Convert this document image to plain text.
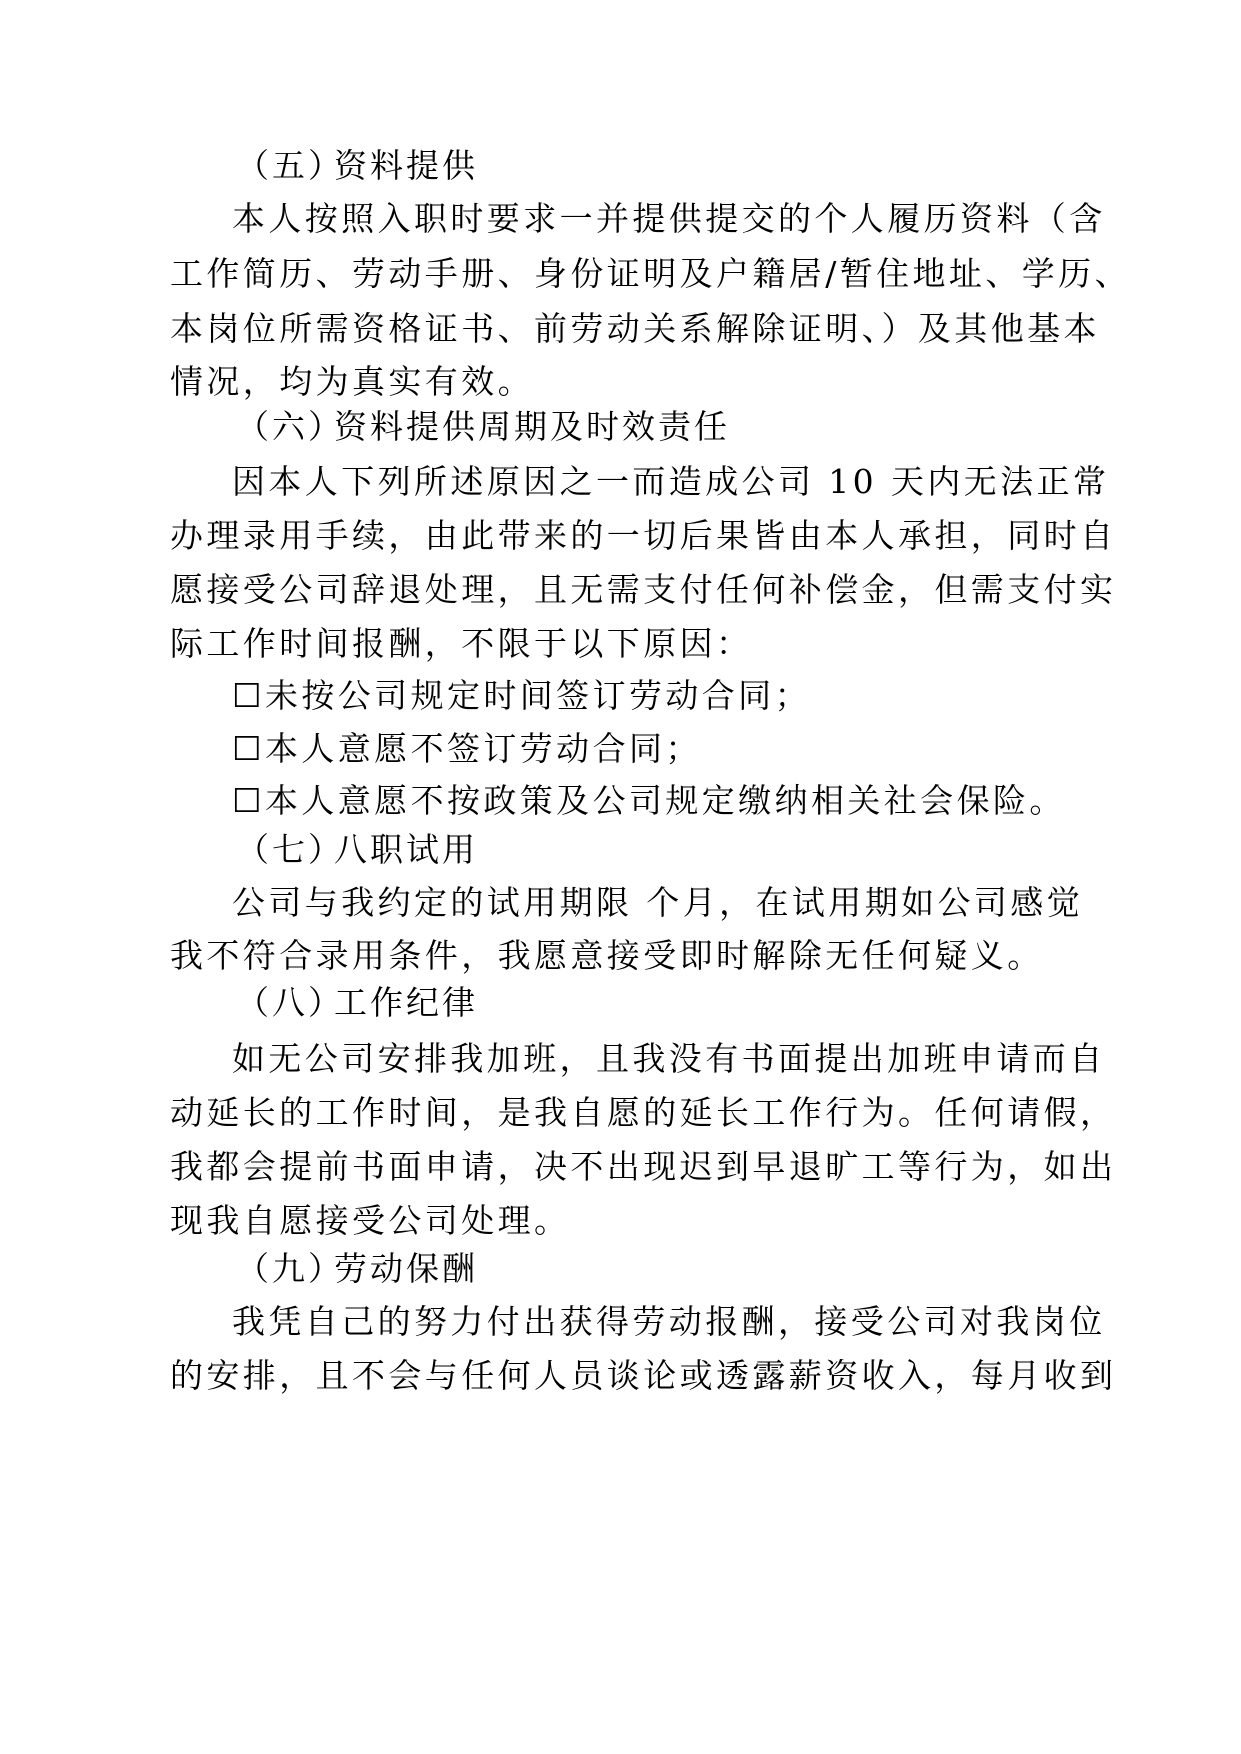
（五）资料提供
本人按照入职时要求一并提供提交的个人履历资料（含
工作简历、劳动手册、身份证明及户籍居/暂住地址、学历、
本岗位所需资格证书、前劳动关系解除证明、）及其他基本
情况，均为真实有效。
（六）资料提供周期及时效责任
因本人下列所述原因之一而造成公司 10 天内无法正常
办理录用手续，由此带来的一切后果皆由本人承担，同时自
愿接受公司辞退处理，且无需支付任何补偿金，但需支付实
际工作时间报酬，不限于以下原因：
☐未按公司规定时间签订劳动合同；
☐本人意愿不签订劳动合同；
☐本人意愿不按政策及公司规定缴纳相关社会保险。
（七）八职试用
公司与我约定的试用期限 个月，在试用期如公司感觉
我不符合录用条件，我愿意接受即时解除无任何疑义。
（八）工作纪律
如无公司安排我加班，且我没有书面提出加班申请而自
动延长的工作时间，是我自愿的延长工作行为。任何请假，
我都会提前书面申请，决不出现迟到早退旷工等行为，如出
现我自愿接受公司处理。
（九）劳动保酬
我凭自己的努力付出获得劳动报酬，接受公司对我岗位
的安排，且不会与任何人员谈论或透露薪资收入，每月收到
